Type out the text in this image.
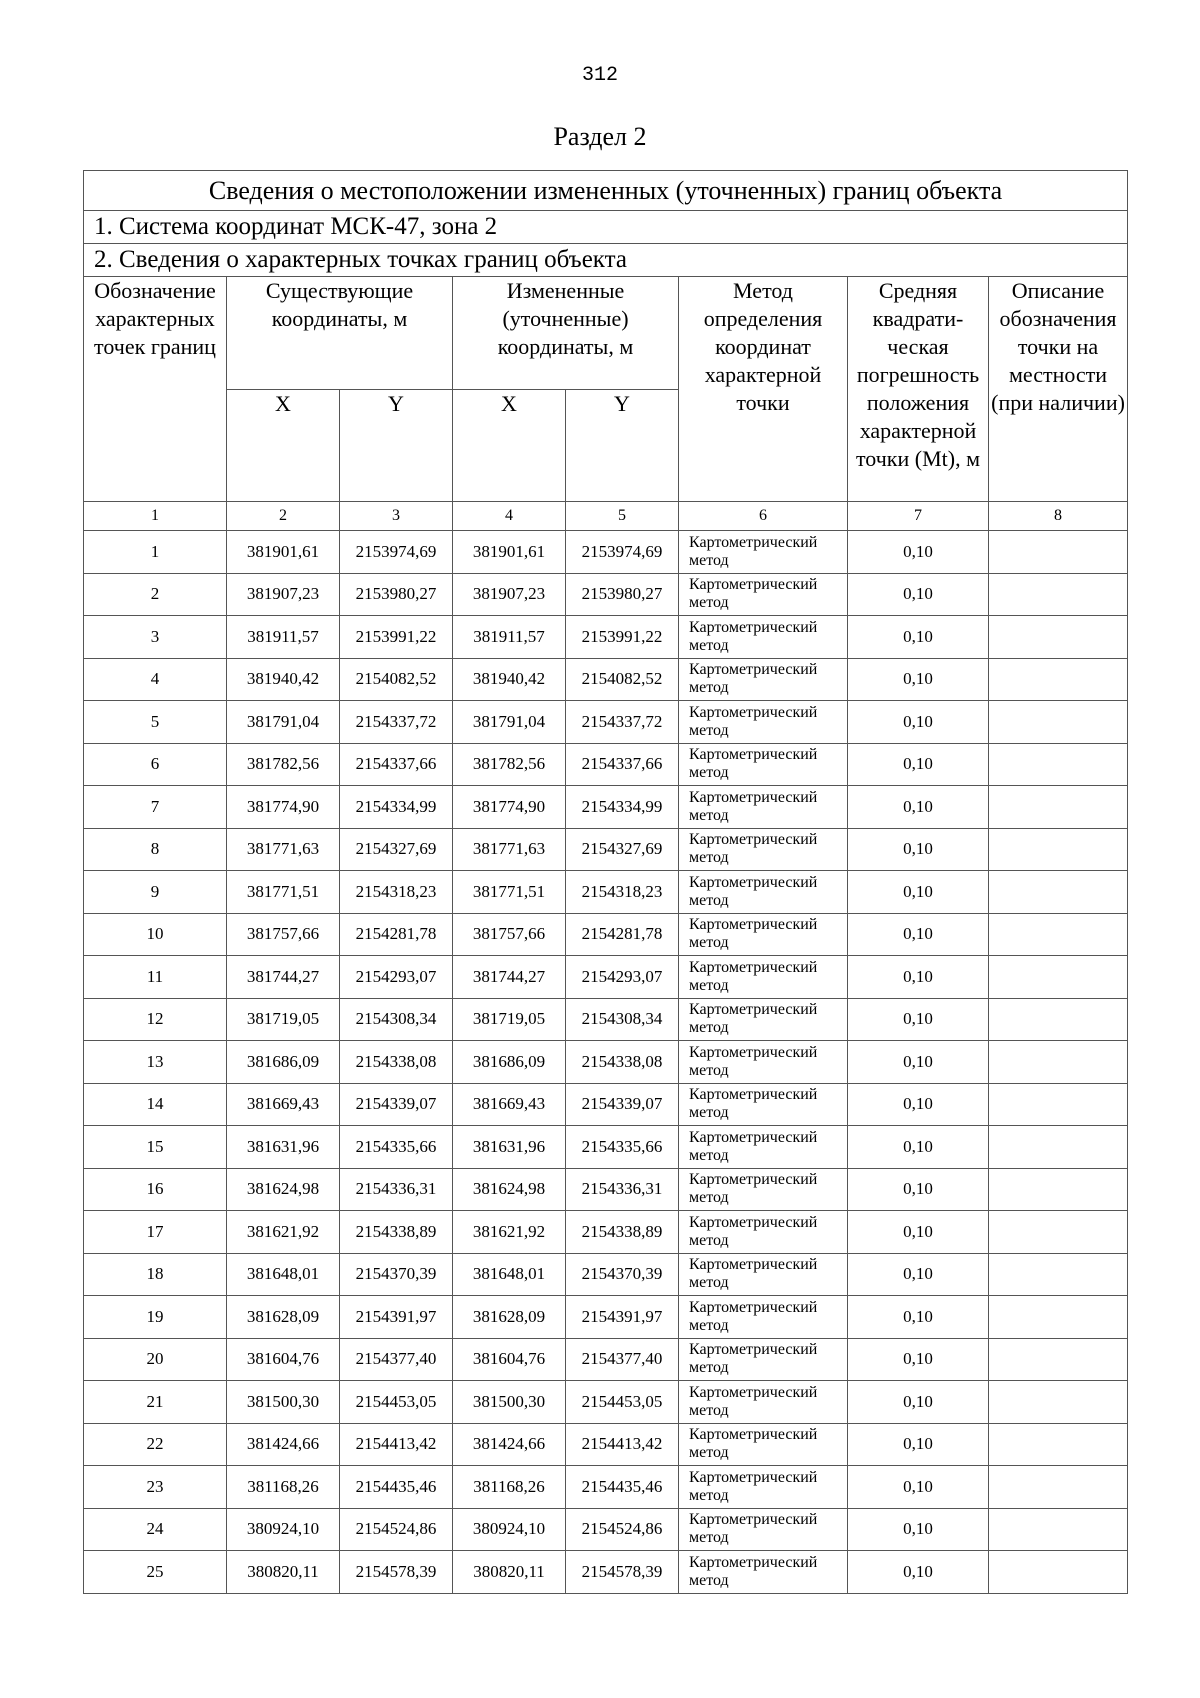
312
Раздел 2
Сведения о местоположении измененных (уточненных) границ объекта							
1. Система координат МСК-47, зона 2							
2. Сведения о характерных точках границ объекта							
Обозначение характерных точек границ	Существующие координаты, м		Измененные (уточненные) координаты, м		Метод определения координат характерной точки	Средняя квадрати- ческая погрешность положения характерной точки (Mt), м	Описание обозначения точки на местности (при наличии)
	X	Y	X	Y			
1	2	3	4	5	6	7	8
1	381901,61	2153974,69	381901,61	2153974,69	Картометрический метод	0,10	
2	381907,23	2153980,27	381907,23	2153980,27	Картометрический метод	0,10	
3	381911,57	2153991,22	381911,57	2153991,22	Картометрический метод	0,10	
4	381940,42	2154082,52	381940,42	2154082,52	Картометрический метод	0,10	
5	381791,04	2154337,72	381791,04	2154337,72	Картометрический метод	0,10	
6	381782,56	2154337,66	381782,56	2154337,66	Картометрический метод	0,10	
7	381774,90	2154334,99	381774,90	2154334,99	Картометрический метод	0,10	
8	381771,63	2154327,69	381771,63	2154327,69	Картометрический метод	0,10	
9	381771,51	2154318,23	381771,51	2154318,23	Картометрический метод	0,10	
10	381757,66	2154281,78	381757,66	2154281,78	Картометрический метод	0,10	
11	381744,27	2154293,07	381744,27	2154293,07	Картометрический метод	0,10	
12	381719,05	2154308,34	381719,05	2154308,34	Картометрический метод	0,10	
13	381686,09	2154338,08	381686,09	2154338,08	Картометрический метод	0,10	
14	381669,43	2154339,07	381669,43	2154339,07	Картометрический метод	0,10	
15	381631,96	2154335,66	381631,96	2154335,66	Картометрический метод	0,10	
16	381624,98	2154336,31	381624,98	2154336,31	Картометрический метод	0,10	
17	381621,92	2154338,89	381621,92	2154338,89	Картометрический метод	0,10	
18	381648,01	2154370,39	381648,01	2154370,39	Картометрический метод	0,10	
19	381628,09	2154391,97	381628,09	2154391,97	Картометрический метод	0,10	
20	381604,76	2154377,40	381604,76	2154377,40	Картометрический метод	0,10	
21	381500,30	2154453,05	381500,30	2154453,05	Картометрический метод	0,10	
22	381424,66	2154413,42	381424,66	2154413,42	Картометрический метод	0,10	
23	381168,26	2154435,46	381168,26	2154435,46	Картометрический метод	0,10	
24	380924,10	2154524,86	380924,10	2154524,86	Картометрический метод	0,10	
25	380820,11	2154578,39	380820,11	2154578,39	Картометрический метод	0,10	
